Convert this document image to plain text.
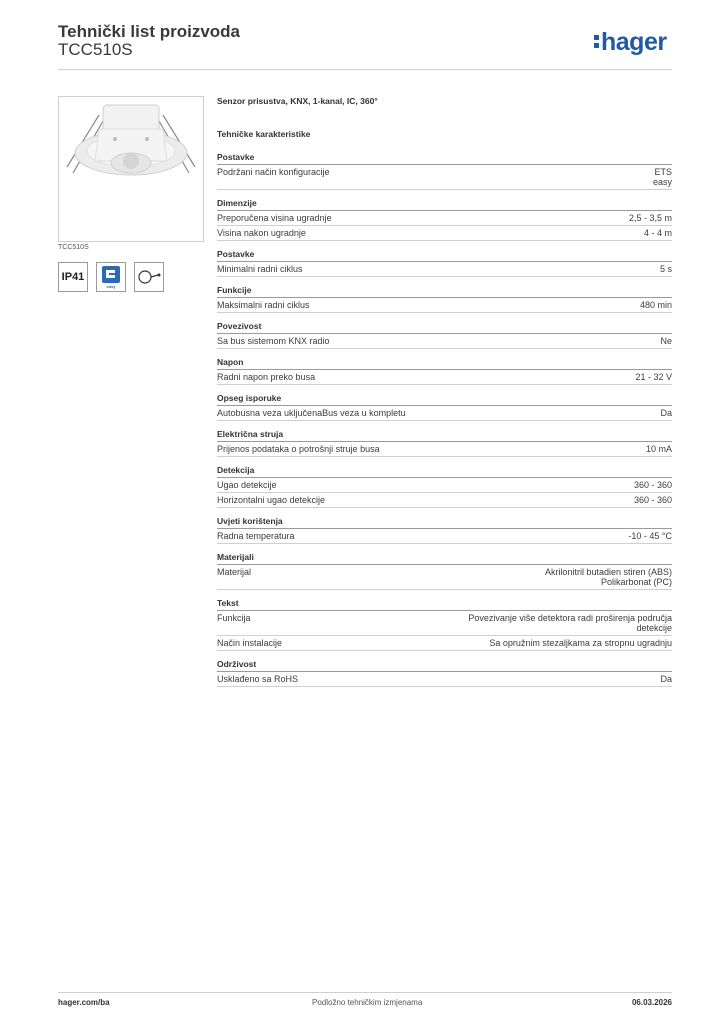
Tehnički list proizvoda
TCC510S	hager
TCC510S
IP41
easy
Senzor prisustva, KNX, 1-kanal, IC, 360°
Tehničke karakteristike
Postavke
Podržani način konfiguracije	ETS
easy
Dimenzije
Preporučena visina ugradnje	2,5 - 3,5 m
Visina nakon ugradnje	4 - 4 m
Postavke
Minimalni radni ciklus	5 s
Funkcije
Maksimalni radni ciklus	480 min
Povezivost
Sa bus sistemom KNX radio	Ne
Napon
Radni napon preko busa	21 - 32 V
Opseg isporuke
Autobusna veza uključenaBus veza u kompletu	Da
Električna struja
Prijenos podataka o potrošnji struje busa	10 mA
Detekcija
Ugao detekcije	360 - 360
Horizontalni ugao detekcije	360 - 360
Uvjeti korištenja
Radna temperatura	-10 - 45 °C
Materijali
Materijal	Akrilonitril butadien stiren (ABS)
Polikarbonat (PC)
Tekst
Funkcija	Povezivanje više detektora radi proširenja područja
detekcije
Način instalacije	Sa opružnim stezaljkama za stropnu ugradnju
Održivost
Usklađeno sa RoHS	Da
hager.com/ba	Podložno tehničkim izmjenama	06.03.2026
